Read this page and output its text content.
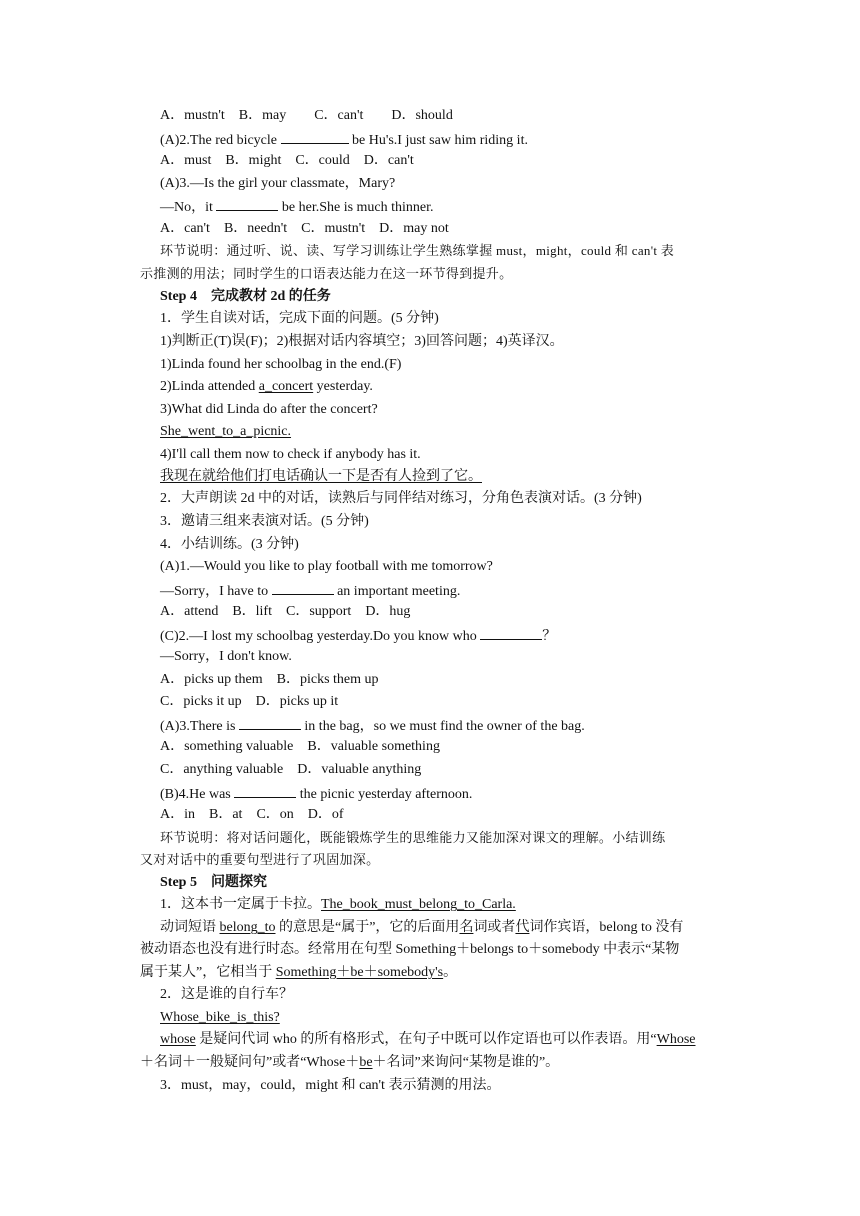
A．mustn't　B．may　　C．can't　　D．should
(A)2.The red bicycle	be Hu's.I just saw him riding it.
A．must　B．might　C．could　D．can't
(A)3.—Is the girl your classmate，Mary?
—No，it	be her.She is much thinner.
A．can't　B．needn't　C．mustn't　D．may not
环节说明：通过听、说、读、写学习训练让学生熟练掌握 must，might，could 和 can't 表
示推测的用法；同时学生的口语表达能力在这一环节得到提升。
Step 4　完成教材 2d 的任务
1．学生自读对话，完成下面的问题。(5 分钟)
1)判断正(T)误(F)；2)根据对话内容填空；3)回答问题；4)英译汉。
1)Linda found her schoolbag in the end.(F)
2)Linda attended a_concert yesterday.
3)What did Linda do after the concert?
She_went_to_a_picnic.
4)I'll call them now to check if anybody has it.
我现在就给他们打电话确认一下是否有人捡到了它。
2．大声朗读 2d 中的对话，读熟后与同伴结对练习，分角色表演对话。(3 分钟)
3．邀请三组来表演对话。(5 分钟)
4．小结训练。(3 分钟)
(A)1.—Would you like to play football with me tomorrow?
—Sorry，I have to	an important meeting.
A．attend　B．lift　C．support　D．hug
(C)2.—I lost my schoolbag yesterday.Do you know who	？
—Sorry，I don't know.
A．picks up them　B．picks them up
C．picks it up　D．picks up it
(A)3.There is	in the bag，so we must find the owner of the bag.
A．something valuable　B．valuable something
C．anything valuable　D．valuable anything
(B)4.He was	the picnic yesterday afternoon.
A．in　B．at　C．on　D．of
环节说明：将对话问题化，既能锻炼学生的思维能力又能加深对课文的理解。小结训练
又对对话中的重要句型进行了巩固加深。
Step 5　问题探究
1．这本书一定属于卡拉。The_book_must_belong_to_Carla.
动词短语 belong_to 的意思是“属于”，它的后面用名词或者代词作宾语，belong to 没有
被动语态也没有进行时态。经常用在句型 Something＋belongs to＋somebody 中表示“某物
属于某人”，它相当于 Something＋be＋somebody's。
2．这是谁的自行车？
Whose_bike_is_this?
whose 是疑问代词 who 的所有格形式，在句子中既可以作定语也可以作表语。用“Whose
＋名词＋一般疑问句”或者“Whose＋be＋名词”来询问“某物是谁的”。
3．must，may，could，might 和 can't 表示猜测的用法。
